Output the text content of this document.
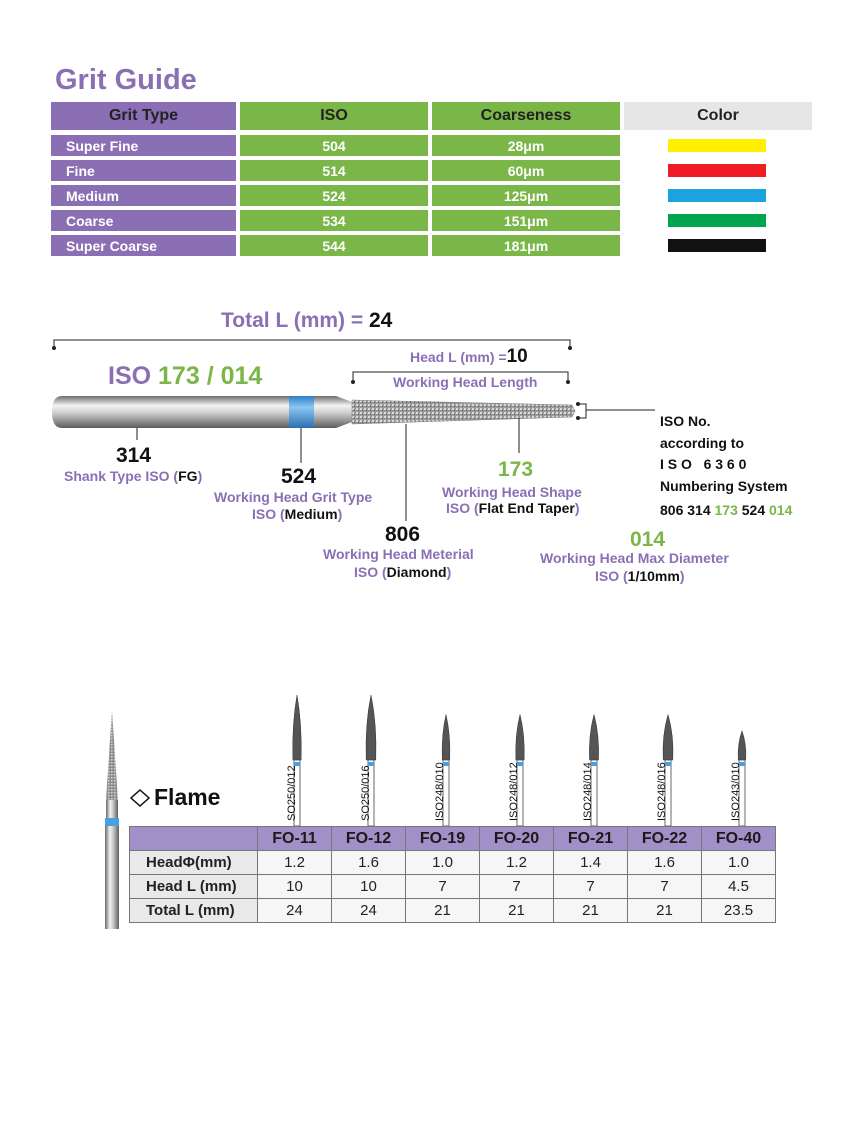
Grit Guide
Grit Type	ISO	Coarseness	Color
Super Fine	504	28μm
Fine	514	60μm
Medium	524	125μm
Coarse	534	151μm
Super Coarse	544	181μm
Total L (mm) = 24
Head L (mm) =10
Working Head Length
ISO 173 / 014
314
Shank Type ISO (FG)	524
Working Head Grit Type
ISO (Medium)
806
Working Head Meterial
ISO (Diamond)
173
Working Head Shape
ISO (Flat End Taper)
014
Working Head Max Diameter
ISO (1/10mm)
ISO No.
according to
I S O   6 3 6 0
Numbering System
806 314 173 524 014
Flame	SO250/012	SO250/016	ISO248/010	ISO248/012	ISO248/014	ISO248/016	ISO243/010
	FO-11	FO-12	FO-19	FO-20	FO-21	FO-22	FO-40
HeadΦ(mm)	1.2	1.6	1.0	1.2	1.4	1.6	1.0
Head L (mm)	10	10	7	7	7	7	4.5
Total L (mm)	24	24	21	21	21	21	23.5
